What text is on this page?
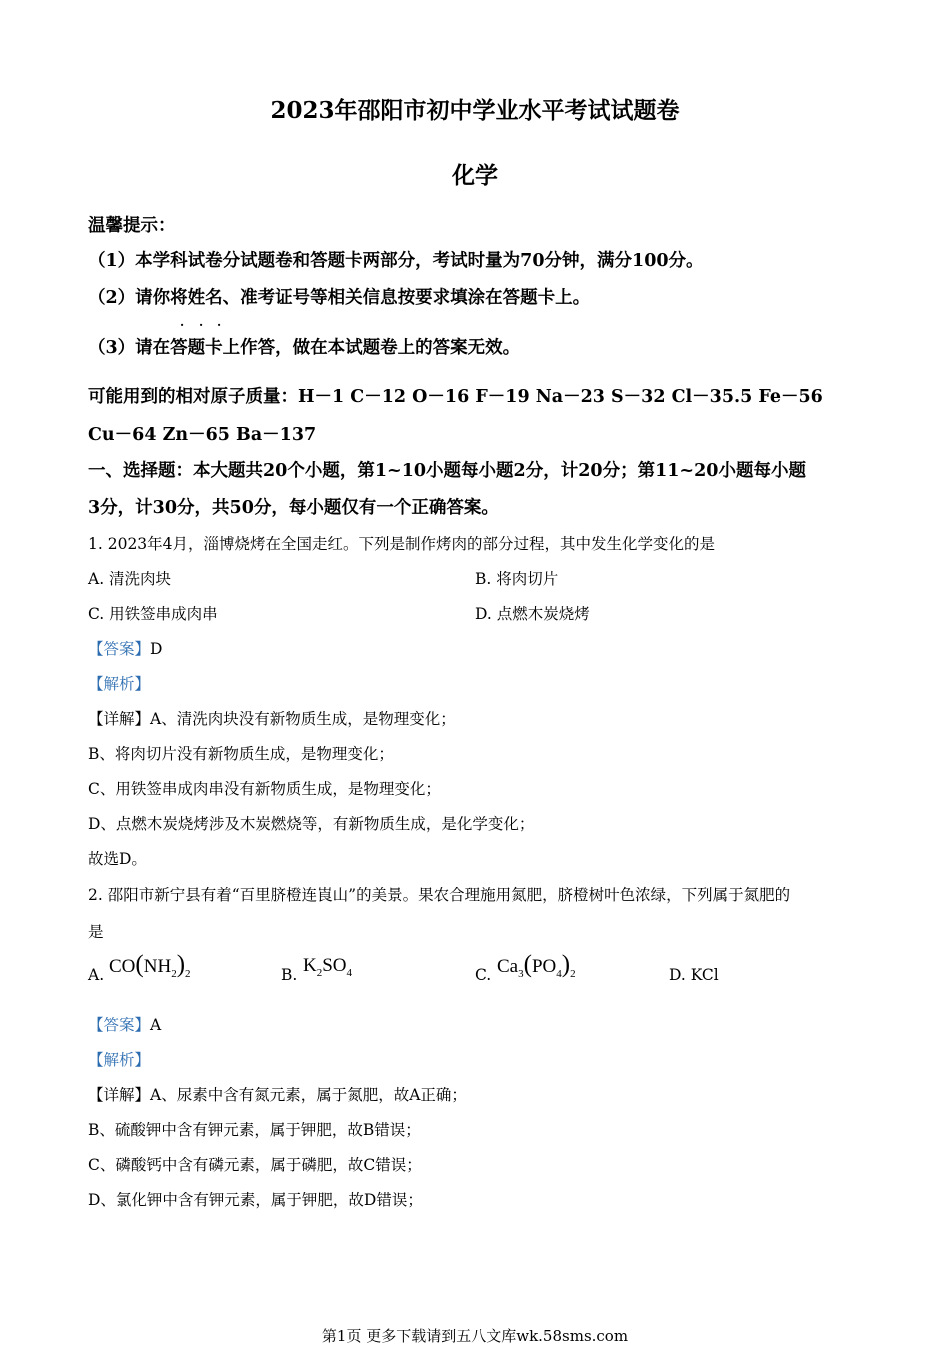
2023年邵阳市初中学业水平考试试题卷
化学
温馨提示：
（1）本学科试卷分试题卷和答题卡两部分，考试时量为70分钟，满分100分。
（2）请你将姓名、准考证号等相关信息按要求填涂在答题卡上。
· · ·
（3）请在答题卡上作答，做在本试题卷上的答案无效。
可能用到的相对原子质量：H－1 C－12 O－16 F－19 Na－23 S－32 Cl－35.5 Fe－56
Cu－64 Zn－65 Ba－137
一、选择题：本大题共20个小题，第1~10小题每小题2分，计20分；第11~20小题每小题
3分，计30分，共50分，每小题仅有一个正确答案。
1. 2023年4月，淄博烧烤在全国走红。下列是制作烤肉的部分过程，其中发生化学变化的是
A. 清洗肉块	B. 将肉切片
C. 用铁签串成肉串	D. 点燃木炭烧烤
【答案】D
【解析】
【详解】A、清洗肉块没有新物质生成，是物理变化；
B、将肉切片没有新物质生成，是物理变化；
C、用铁签串成肉串没有新物质生成，是物理变化；
D、点燃木炭烧烤涉及木炭燃烧等，有新物质生成，是化学变化；
故选D。
2. 邵阳市新宁县有着“百里脐橙连崀山”的美景。果农合理施用氮肥，脐橙树叶色浓绿，下列属于氮肥的
是
A. $CO(NH_2)_2$	B. $K_2SO_4$	C. $Ca_3(PO_4)_2$	D. KCl
【答案】A
【解析】
【详解】A、尿素中含有氮元素，属于氮肥，故A正确；
B、硫酸钾中含有钾元素，属于钾肥，故B错误；
C、磷酸钙中含有磷元素，属于磷肥，故C错误；
D、氯化钾中含有钾元素，属于钾肥，故D错误；
第1页 更多下载请到五八文库wk.58sms.com
